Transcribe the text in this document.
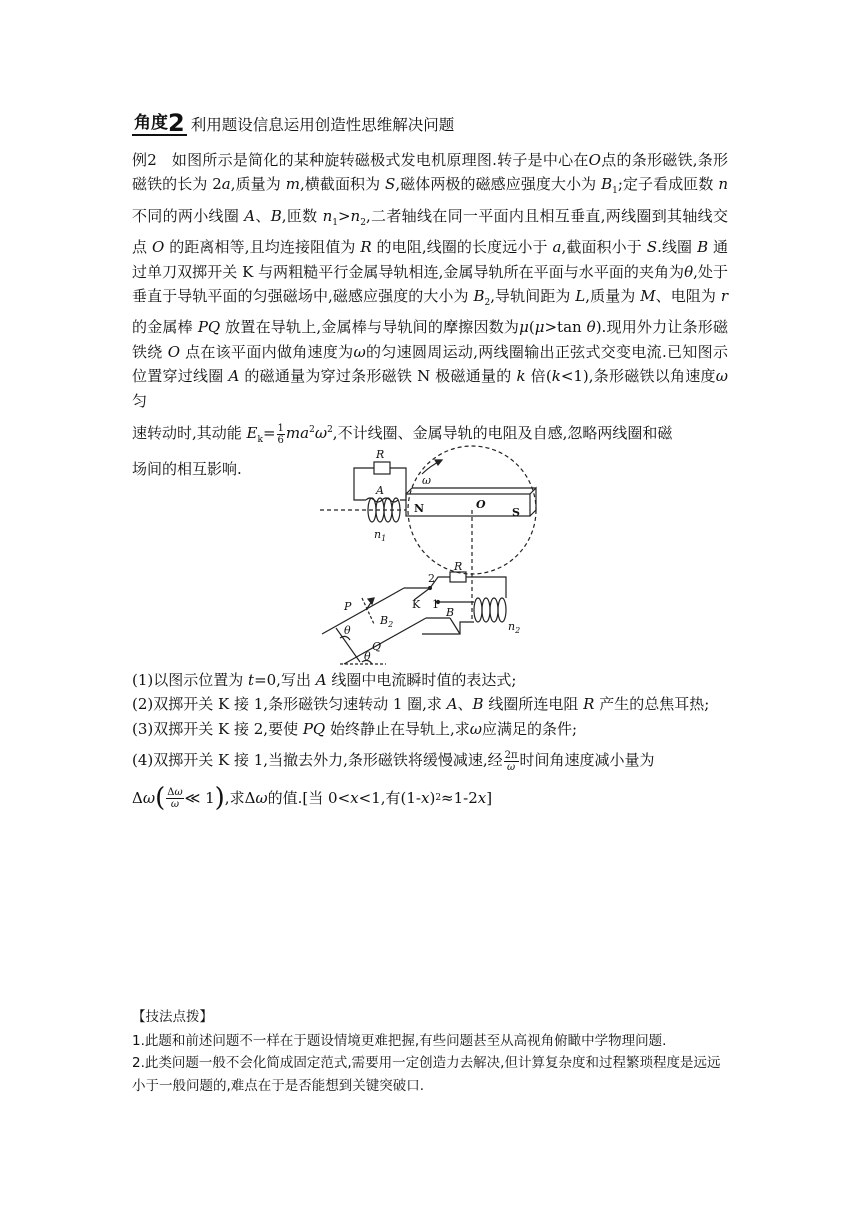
角度 2 利用题设信息运用创造性思维解决问题
例2   如图所示是简化的某种旋转磁极式发电机原理图.转子是中心在O点的条形磁铁,条形磁铁的长为 2a,质量为 m,横截面积为 S,磁体两极的磁感应强度大小为 $B_1$;定子看成匝数 n 不同的两小线圈 A、B,匝数 $n_1>n_2$,二者轴线在同一平面内且相互垂直,两线圈到其轴线交点 O 的距离相等,且均连接阻值为 R 的电阻,线圈的长度远小于 a,截面积小于 S.线圈 B 通过单刀双掷开关 K 与两粗糙平行金属导轨相连,金属导轨所在平面与水平面的夹角为θ,处于垂直于导轨平面的匀强磁场中,磁感应强度的大小为 $B_2$,导轨间距为 L,质量为 M、电阻为 r 的金属棒 PQ 放置在导轨上,金属棒与导轨间的摩擦因数为μ(μ>tan θ).现用外力让条形磁铁绕 O 点在该平面内做角速度为ω的匀速圆周运动,两线圈输出正弦式交变电流.已知图示位置穿过线圈 A 的磁通量为穿过条形磁铁 N 极磁通量的 k 倍(k<1),条形磁铁以角速度ω匀
速转动时,其动能 $E_k= \frac{1}{6} ma^2\omega^2$,不计线圈、金属导轨的电阻及自感,忽略两线圈和磁
场间的相互影响.
R
ω
A
N	O
S
$n_1$
K
2
1
R
B
$n_2$
P
θ
$B_2$
θ
Q

(1)以图示位置为 t=0,写出 A 线圈中电流瞬时值的表达式;

(2)双掷开关 K 接 1,条形磁铁匀速转动 1 圈,求 A、B 线圈所连电阻 R 产生的总焦耳热;

(3)双掷开关 K 接 2,要使 PQ 始终静止在导轨上,求ω应满足的条件;

(4)双掷开关 K 接 1,当撤去外力,条形磁铁将缓慢减速,经 $\frac{2\pi}{\omega}$ 时间角速度减小量为

Δ ω ( $\frac{\Delta\omega}{\omega}$ ≪ 1 ) ,求Δ ω 的值.[当 0< x <1,有(1- x ) 2 ≈1-2 x ]

【技法点拨】
1.此题和前述问题不一样在于题设情境更难把握,有些问题甚至从高视角俯瞰中学物理问题.
2.此类问题一般不会化简成固定范式,需要用一定创造力去解决,但计算复杂度和过程繁琐程度是远远小于一般问题的,难点在于是否能想到关键突破口.
